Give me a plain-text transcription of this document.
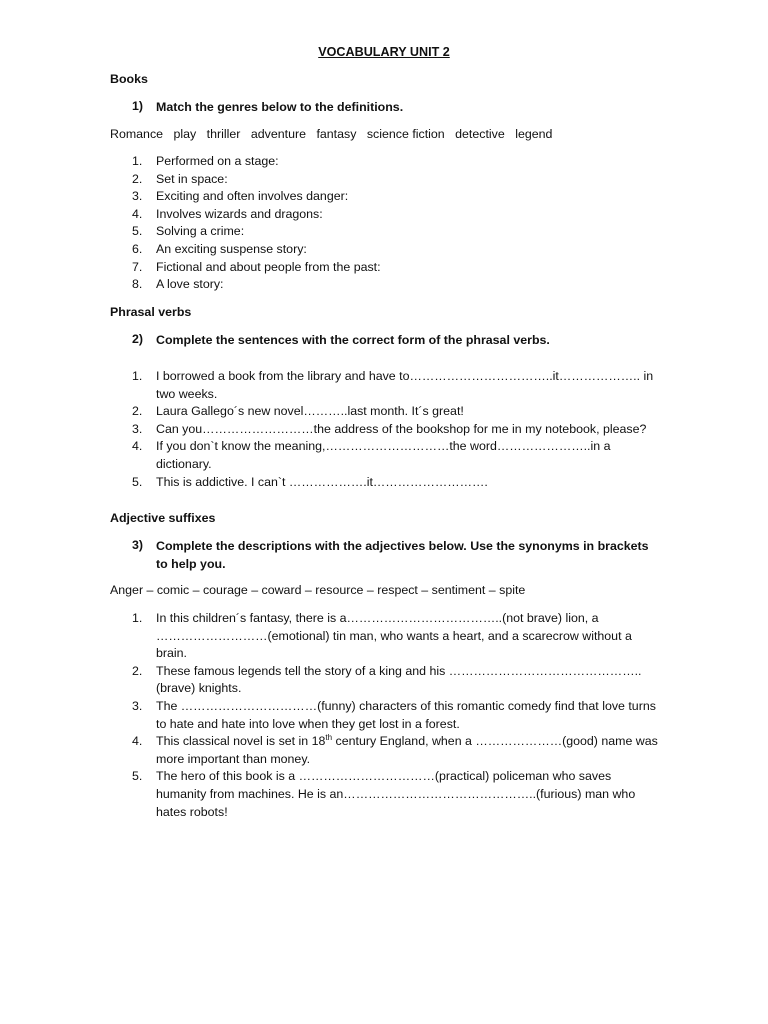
VOCABULARY UNIT 2
Books
1)	Match the genres below to the definitions.
Romance play thriller adventure fantasy science fiction detective legend
1. Performed on a stage:
2. Set in space:
3. Exciting and often involves danger:
4. Involves wizards and dragons:
5. Solving a crime:
6. An exciting suspense story:
7. Fictional and about people from the past:
8. A love story:
Phrasal verbs
2)	Complete the sentences with the correct form of the phrasal verbs.
1. I borrowed a book from the library and have to……………………………..it……………….. in two weeks.
2. Laura Gallego´s new novel………..last month. It´s great!
3. Can you………………………the address of the bookshop for me in my notebook, please?
4. If you don`t know the meaning,…………………………the word…………………..in a dictionary.
5. This is addictive. I can`t ……………….it……………………….
Adjective suffixes
3)	Complete the descriptions with the adjectives below. Use the synonyms in brackets to help you.
Anger – comic – courage – coward – resource – respect – sentiment – spite
1. In this children´s fantasy, there is a………………………………..(not brave) lion, a ………………………(emotional) tin man, who wants a heart, and a scarecrow without a brain.
2. These famous legends tell the story of a king and his ………………………………………..(brave) knights.
3. The ……………………………(funny) characters of this romantic comedy find that love turns to hate and hate into love when they get lost in a forest.
4. This classical novel is set in 18th century England, when a …………………(good) name was more important than money.
5. The hero of this book is a ……………………………(practical) policeman who saves humanity from machines. He is an………………………………………..(furious) man who hates robots!
